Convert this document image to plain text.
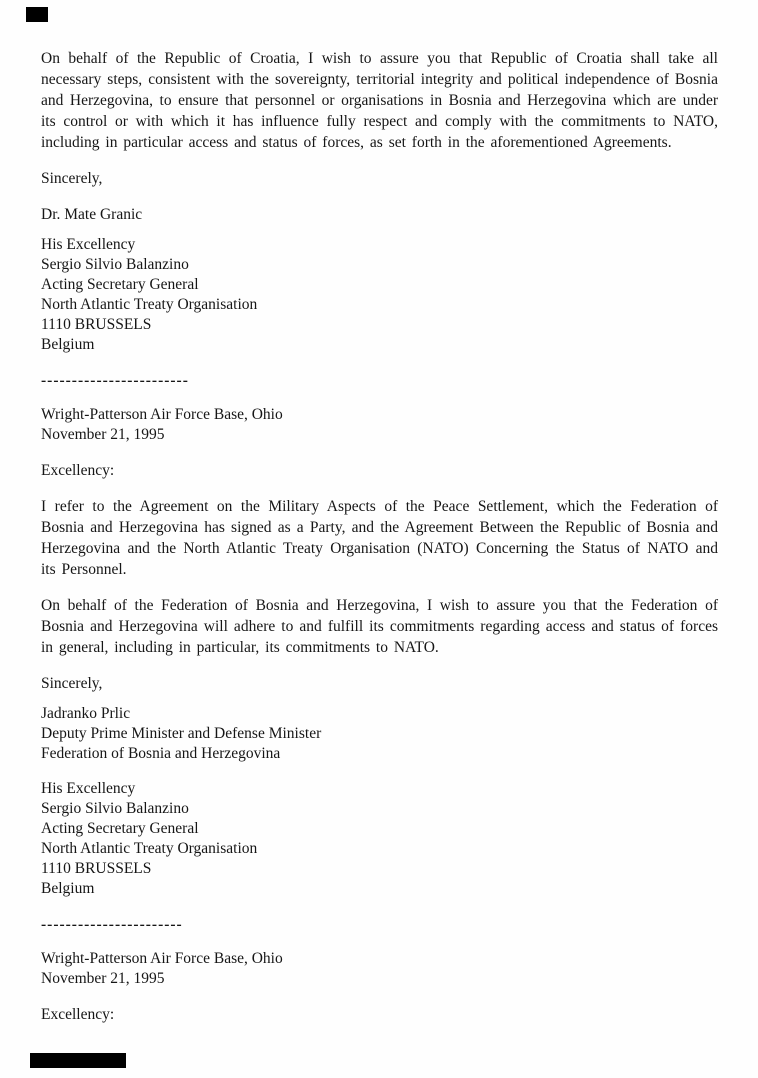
On behalf of the Republic of Croatia, I wish to assure you that Republic of Croatia shall take all necessary steps, consistent with the sovereignty, territorial integrity and political independence of Bosnia and Herzegovina, to ensure that personnel or organisations in Bosnia and Herzegovina which are under its control or with which it has influence fully respect and comply with the commitments to NATO, including in particular access and status of forces, as set forth in the aforementioned Agreements.

Sincerely,

Dr. Mate Granic

His Excellency
Sergio Silvio Balanzino
Acting Secretary General
North Atlantic Treaty Organisation
1110 BRUSSELS
Belgium
------------------------
Wright-Patterson Air Force Base, Ohio
November 21, 1995

Excellency:

I refer to the Agreement on the Military Aspects of the Peace Settlement, which the Federation of Bosnia and Herzegovina has signed as a Party, and the Agreement Between the Republic of Bosnia and Herzegovina and the North Atlantic Treaty Organisation (NATO) Concerning the Status of NATO and its Personnel.

On behalf of the Federation of Bosnia and Herzegovina, I wish to assure you that the Federation of Bosnia and Herzegovina will adhere to and fulfill its commitments regarding access and status of forces in general, including in particular, its commitments to NATO.

Sincerely,

Jadranko Prlic
Deputy Prime Minister and Defense Minister
Federation of Bosnia and Herzegovina
His Excellency
Sergio Silvio Balanzino
Acting Secretary General
North Atlantic Treaty Organisation
1110 BRUSSELS
Belgium
-----------------------
Wright-Patterson Air Force Base, Ohio
November 21, 1995

Excellency:
